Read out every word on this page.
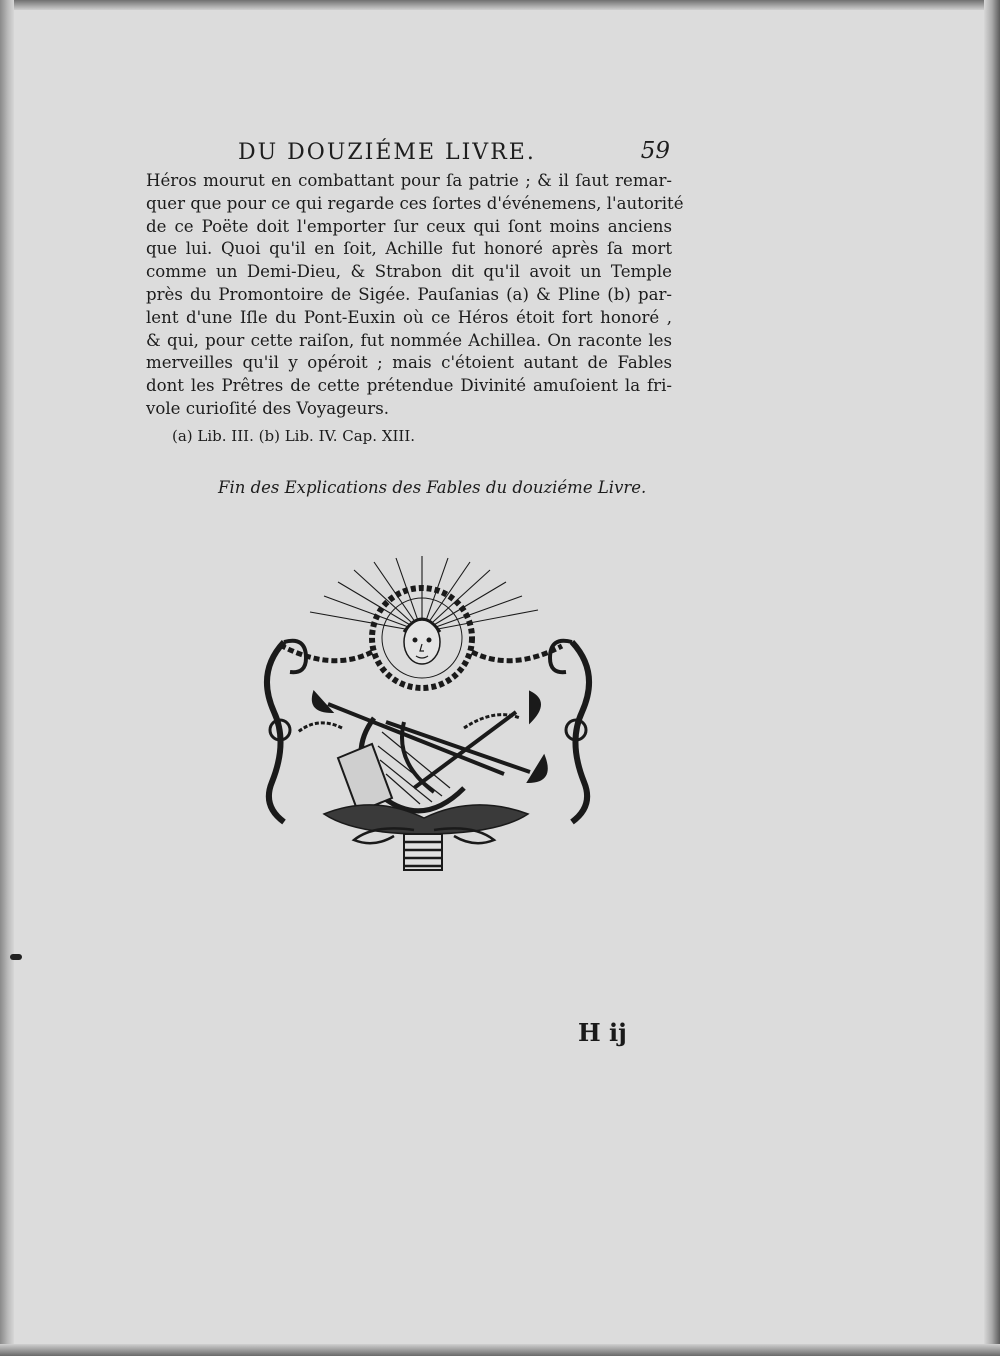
DU DOUZIÉME LIVRE.	59
Héros mourut en combattant pour ſa patrie ; & il ſaut remar-
quer que pour ce qui regarde ces ſortes d'événemens, l'autorité
de ce Poëte doit l'emporter ſur ceux qui ſont moins anciens
que lui. Quoi qu'il en ſoit, Achille fut honoré après ſa mort
comme un Demi-Dieu, & Strabon dit qu'il avoit un Temple
près du Promontoire de Sigée. Pauſanias (a) & Pline (b) par-
lent d'une Iſle du Pont-Euxin où ce Héros étoit fort honoré ,
& qui, pour cette raiſon, fut nommée Achillea. On raconte les
merveilles qu'il y opéroit ; mais c'étoient autant de Fables
dont les Prêtres de cette prétendue Divinité amuſoient la fri-
vole curioſité des Voyageurs.
(a) Lib. III. (b) Lib. IV. Cap. XIII.
Fin des Explications des Fables du douziéme Livre.
H ij
